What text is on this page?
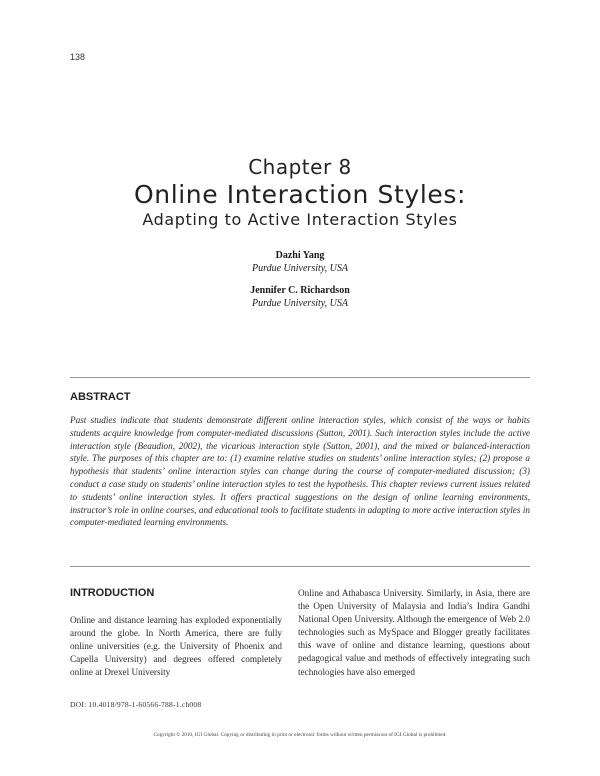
138
Chapter 8
Online Interaction Styles:
Adapting to Active Interaction Styles
Dazhi Yang
Purdue University, USA
Jennifer C. Richardson
Purdue University, USA
ABSTRACT
Past studies indicate that students demonstrate different online interaction styles, which consist of the ways or habits students acquire knowledge from computer-mediated discussions (Sutton, 2001). Such interaction styles include the active interaction style (Beaudion, 2002), the vicarious interaction style (Sutton, 2001), and the mixed or balanced-interaction style. The purposes of this chapter are to: (1) examine relative studies on students’ online interaction styles; (2) propose a hypothesis that students’ online interaction styles can change during the course of computer-mediated discussion; (3) conduct a case study on students’ online interaction styles to test the hypothesis. This chapter reviews current issues related to students’ online interaction styles. It offers practical suggestions on the design of online learning environments, instructor’s role in online courses, and educational tools to facilitate students in adapting to more active interaction styles in computer-mediated learning environments.
INTRODUCTION
Online and distance learning has exploded exponentially around the globe. In North America, there are fully online universities (e.g. the University of Phoenix and Capella University) and degrees offered completely online at Drexel University
Online and Athabasca University. Similarly, in Asia, there are the Open University of Malaysia and India’s Indira Gandhi National Open University. Although the emergence of Web 2.0 technologies such as MySpace and Blogger greatly facilitates this wave of online and distance learning, questions about pedagogical value and methods of effectively integrating such technologies have also emerged
DOI: 10.4018/978-1-60566-788-1.ch008
Copyright © 2010, IGI Global. Copying or distributing in print or electronic forms without written permission of IGI Global is prohibited.
